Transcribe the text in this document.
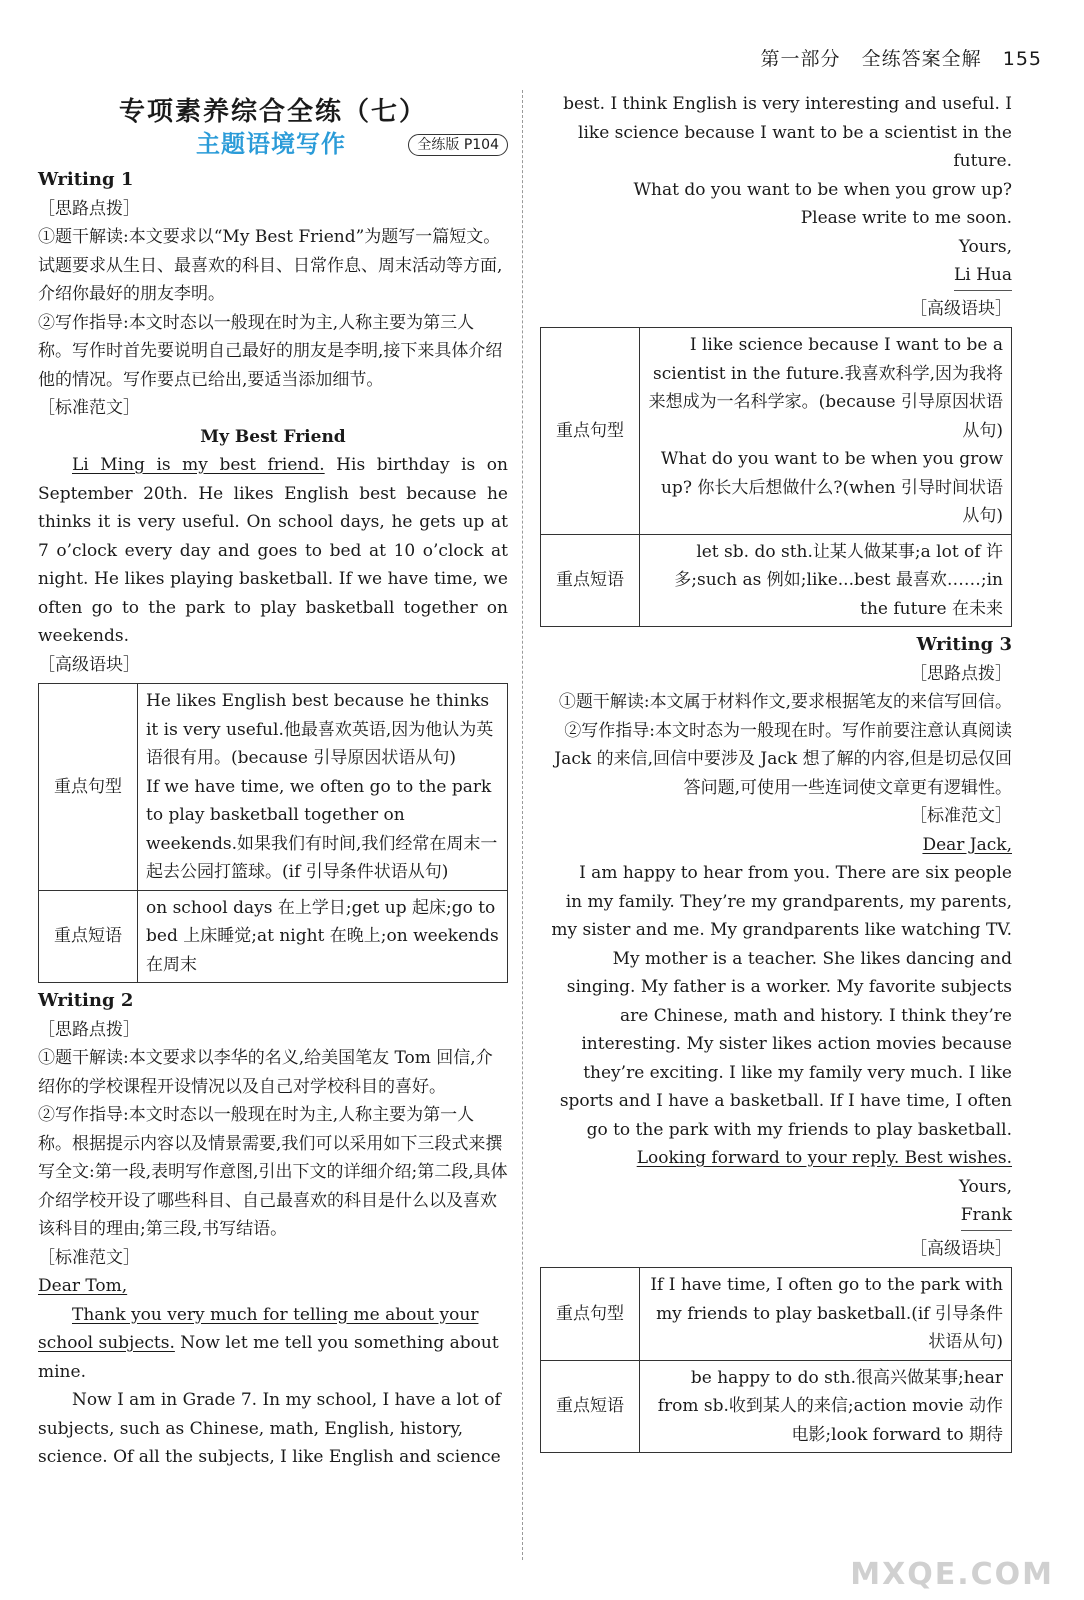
第一部分 全练答案全解 155
专项素养综合全练（七）
主题语境写作	全练版 P104
Writing 1

［思路点拨］

①题干解读:本文要求以“My Best Friend”为题写一篇短文。试题要求从生日、最喜欢的科目、日常作息、周末活动等方面,介绍你最好的朋友李明。

②写作指导:本文时态以一般现在时为主,人称主要为第三人称。写作时首先要说明自己最好的朋友是李明,接下来具体介绍他的情况。写作要点已给出,要适当添加细节。

［标准范文］

My Best Friend

Li Ming is my best friend. His birthday is on September 20th. He likes English best because he thinks it is very useful. On school days, he gets up at 7 o’clock every day and goes to bed at 10 o’clock at night. He likes playing basketball. If we have time, we often go to the park to play basketball together on weekends.

［高级语块］

重点句型	He likes English best because he thinks it is very useful.他最喜欢英语,因为他认为英语很有用。(because 引导原因状语从句)
If we have time, we often go to the park to play basketball together on weekends.如果我们有时间,我们经常在周末一起去公园打篮球。(if 引导条件状语从句)
重点短语	on school days 在上学日;get up 起床;go to bed 上床睡觉;at night 在晚上;on weekends 在周末
Writing 2

［思路点拨］

①题干解读:本文要求以李华的名义,给美国笔友 Tom 回信,介绍你的学校课程开设情况以及自己对学校科目的喜好。

②写作指导:本文时态以一般现在时为主,人称主要为第一人称。根据提示内容以及情景需要,我们可以采用如下三段式来撰写全文:第一段,表明写作意图,引出下文的详细介绍;第二段,具体介绍学校开设了哪些科目、自己最喜欢的科目是什么以及喜欢该科目的理由;第三段,书写结语。

［标准范文］

Dear Tom,

Thank you very much for telling me about your school subjects. Now let me tell you something about mine.

Now I am in Grade 7. In my school, I have a lot of subjects, such as Chinese, math, English, history, science. Of all the subjects, I like English and science

best. I think English is very interesting and useful. I like science because I want to be a scientist in the future.

What do you want to be when you grow up? Please write to me soon.

Yours,

Li Hua

［高级语块］

重点句型	I like science because I want to be a scientist in the future.我喜欢科学,因为我将来想成为一名科学家。(because 引导原因状语从句)
What do you want to be when you grow up? 你长大后想做什么?(when 引导时间状语从句)
重点短语	let sb. do sth.让某人做某事;a lot of 许多;such as 例如;like...best 最喜欢……;in the future 在未来
Writing 3

［思路点拨］

①题干解读:本文属于材料作文,要求根据笔友的来信写回信。

②写作指导:本文时态为一般现在时。写作前要注意认真阅读 Jack 的来信,回信中要涉及 Jack 想了解的内容,但是切忌仅回答问题,可使用一些连词使文章更有逻辑性。

［标准范文］

Dear Jack,

I am happy to hear from you. There are six people in my family. They’re my grandparents, my parents, my sister and me. My grandparents like watching TV. My mother is a teacher. She likes dancing and singing. My father is a worker. My favorite subjects are Chinese, math and history. I think they’re interesting. My sister likes action movies because they’re exciting. I like my family very much. I like sports and I have a basketball. If I have time, I often go to the park with my friends to play basketball.

Looking forward to your reply. Best wishes.

Yours,

Frank

［高级语块］

重点句型	If I have time, I often go to the park with my friends to play basketball.(if 引导条件状语从句)
重点短语	be happy to do sth.很高兴做某事;hear from sb.收到某人的来信;action movie 动作电影;look forward to 期待
MXQE.COM
